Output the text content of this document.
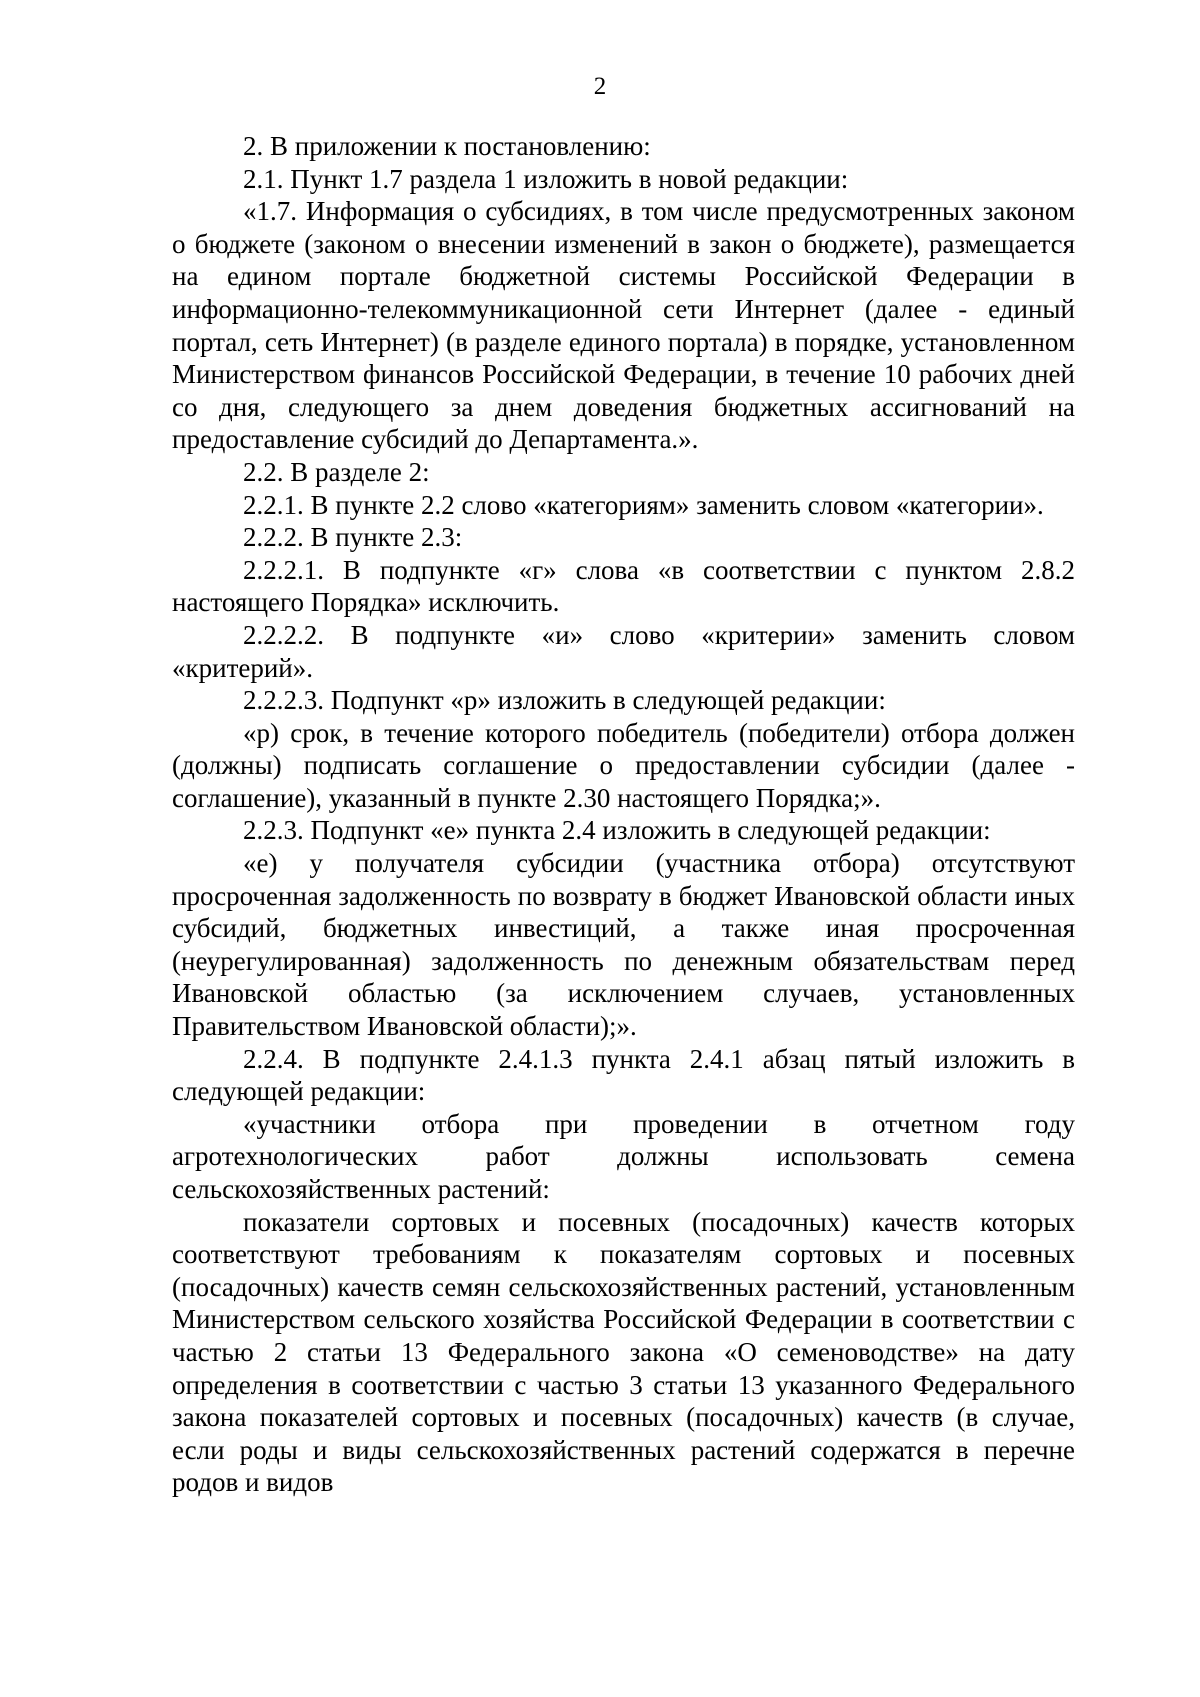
2

2. В приложении к постановлению:

2.1. Пункт 1.7 раздела 1 изложить в новой редакции:

«1.7. Информация о субсидиях, в том числе предусмотренных законом о бюджете (законом о внесении изменений в закон о бюджете), размещается на едином портале бюджетной системы Российской Федерации в информационно-телекоммуникационной сети Интернет (далее - единый портал, сеть Интернет) (в разделе единого портала) в порядке, установленном Министерством финансов Российской Федерации, в течение 10 рабочих дней со дня, следующего за днем доведения бюджетных ассигнований на предоставление субсидий до Департамента.».

2.2. В разделе 2:

2.2.1. В пункте 2.2 слово «категориям» заменить словом «категории».

2.2.2. В пункте 2.3:

2.2.2.1. В подпункте «г» слова «в соответствии с пунктом 2.8.2 настоящего Порядка» исключить.

2.2.2.2. В подпункте «и» слово «критерии» заменить словом «критерий».

2.2.2.3. Подпункт «р» изложить в следующей редакции:

«р) срок, в течение которого победитель (победители) отбора должен (должны) подписать соглашение о предоставлении субсидии (далее - соглашение), указанный в пункте 2.30 настоящего Порядка;».

2.2.3. Подпункт «е» пункта 2.4 изложить в следующей редакции:

«е) у получателя субсидии (участника отбора) отсутствуют просроченная задолженность по возврату в бюджет Ивановской области иных субсидий, бюджетных инвестиций, а также иная просроченная (неурегулированная) задолженность по денежным обязательствам перед Ивановской областью (за исключением случаев, установленных Правительством Ивановской области);».

2.2.4. В подпункте 2.4.1.3 пункта 2.4.1 абзац пятый изложить в следующей редакции:

«участники отбора при проведении в отчетном году агротехнологических работ должны использовать семена сельскохозяйственных растений:

показатели сортовых и посевных (посадочных) качеств которых соответствуют требованиям к показателям сортовых и посевных (посадочных) качеств семян сельскохозяйственных растений, установленным Министерством сельского хозяйства Российской Федерации в соответствии с частью 2 статьи 13 Федерального закона «О семеноводстве» на дату определения в соответствии с частью 3 статьи 13 указанного Федерального закона показателей сортовых и посевных (посадочных) качеств (в случае, если роды и виды сельскохозяйственных растений содержатся в перечне родов и видов
